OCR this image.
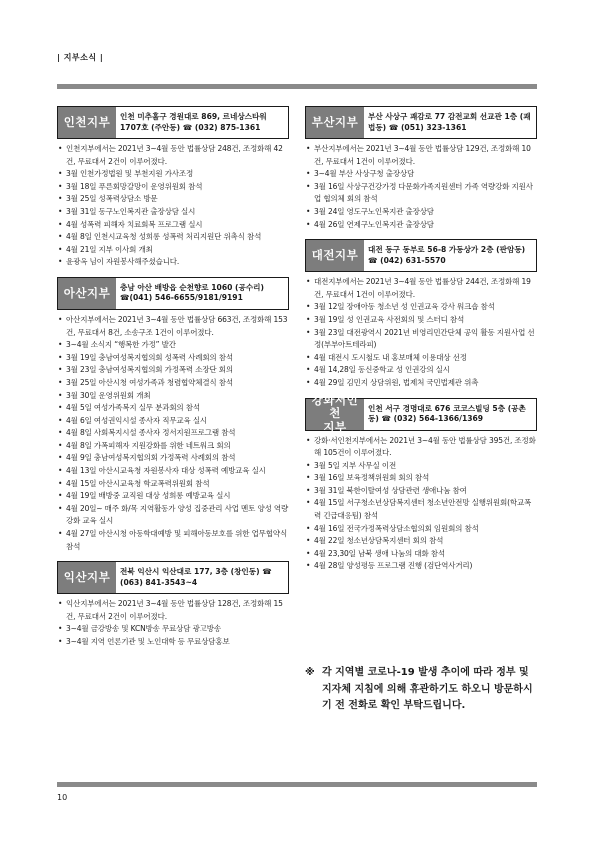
| 지부소식 |
인천지부	인천 미추홀구 경원대로 869, 르네상스타워 1707호 (주안동) ☎ (032) 875-1361
• 인천지부에서는 2021년 3~4월 동안 법률상담 248건, 조정화해 42건, 무료대서 2건이 이루어졌다.
• 3월 인천가정법원 및 부천지원 가사조정
• 3월 18일 푸른회망갈망이 운영위원회 참석
• 3월 25일 성폭력상담소 방문
• 3월 31일 동구노인복지관 출장상담 실시
• 4월 성폭력 피해자 치료회복 프로그램 실시
• 4월 8일 인천시교육청 성희롱 성폭력 처리지원단 위촉식 참석
• 4월 21일 지부 이사회 개최
• 윤광옥 님이 자원봉사해주셨습니다.
아산지부	충남 아산 배방읍 순천향로 1060 (공수리) ☎(041) 546-6655/9181/9191
• 아산지부에서는 2021년 3~4월 동안 법률상담 663건, 조정화해 153건, 무료대서 8건, 소송구조 1건이 이루어졌다.
• 3~4월 소식지 “행복한 가정” 발간
• 3월 19일 충남여성복지협의회 성폭력 사례회의 참석
• 3월 23일 충남여성복지협의회 가정폭력 소장단 회의
• 3월 25일 아산시청 여성가족과 청렴협약체결식 참석
• 3월 30일 운영위원회 개최
• 4월 5일 여성가족복지 실무 분과회의 참석
• 4월 6일 여성권익시설 종사자 직무교육 실시
• 4월 8일 사회복지시설 종사자 정서지원프로그램 참석
• 4월 8일 가폭피해자 지원강화를 위한 네트워크 회의
• 4월 9일 충남여성복지협의회 가정폭력 사례회의 참석
• 4월 13일 아산시교육청 자원봉사자 대상 성폭력 예방교육 실시
• 4월 15일 아산시교육청 학교폭력위원회 참석
• 4월 19일 배방중 교직원 대상 성희롱 예방교육 실시
• 4월 20일~ 매주 화/목 지역활동가 양성 집중관리 사업 멘토 양성 역량강화 교육 실시
• 4월 27일 아산시청 아동학대예방 및 피해아동보호를 위한 업무협약식 참석
익산지부	전북 익산시 익산대로 177, 3층 (창인동) ☎ (063) 841-3543~4
• 익산지부에서는 2021년 3~4월 동안 법률상담 128건, 조정화해 15건, 무료대서 2건이 이루어졌다.
• 3~4월 금강방송 및 KCN방송 무료상담 광고방송
• 3~4월 지역 언론기관 및 노인대학 등 무료상담홍보
부산지부	부산 사상구 괘감로 77 감전교회 선교관 1층 (괘법동) ☎ (051) 323-1361
• 부산지부에서는 2021년 3~4월 동안 법률상담 129건, 조정화해 10건, 무료대서 1건이 이루어졌다.
• 3~4월 부산 사상구청 출장상담
• 3월 16일 사상구건강가정 다문화가족지원센터 가족 역량강화 지원사업 협의체 회의 참석
• 3월 24일 영도구노인복지관 출장상담
• 4월 26일 연제구노인복지관 출장상담
대전지부	대전 동구 동부로 56-8 가동상가 2층 (판암동) ☎ (042) 631-5570
• 대전지부에서는 2021년 3~4월 동안 법률상담 244건, 조정화해 19건, 무료대서 1건이 이루어졌다.
• 3월 12일 장애아동 청소년 성 인권교육 강사 워크숍 참석
• 3월 19일 성 인권교육 사전회의 및 스터디 참석
• 3월 23일 대전광역시 2021년 비영리민간단체 공익 활동 지원사업 선정(부부아트테라피)
• 4월 대전시 도시철도 내 홍보매체 이용대상 선정
• 4월 14,28일 동신중학교 성 인권강의 실시
• 4월 29일 김민지 상담위원, 법제처 국민법제관 위촉
강화서인천
지부
인천 서구 경명대로 676 코코스빌딩 5층 (공촌동) ☎ (032) 564-1366/1369
• 강화·서인천지부에서는 2021년 3~4월 동안 법률상담 395건, 조정화해 105건이 이루어졌다.
• 3월 5일 지부 사무실 이전
• 3월 16일 보육정책위원회 회의 참석
• 3월 31일 북한이탈여성 상담관련 생애나눔 참여
• 4월 15일 서구청소년상담복지센터 청소년안전망 실행위원회(학교폭력 긴급대응팀) 참석
• 4월 16일 전국가정폭력상담소협의회 임원회의 참석
• 4월 22일 청소년상담복지센터 회의 참석
• 4월 23,30일 남북 생애 나눔의 대화 참석
• 4월 28일 양성평등 프로그램 진행 (검단역사거리)
※ 각 지역별 코로나-19 발생 추이에 따라 정부 및 지자체 지침에 의해 휴관하기도 하오니 방문하시기 전 전화로 확인 부탁드립니다.
10
